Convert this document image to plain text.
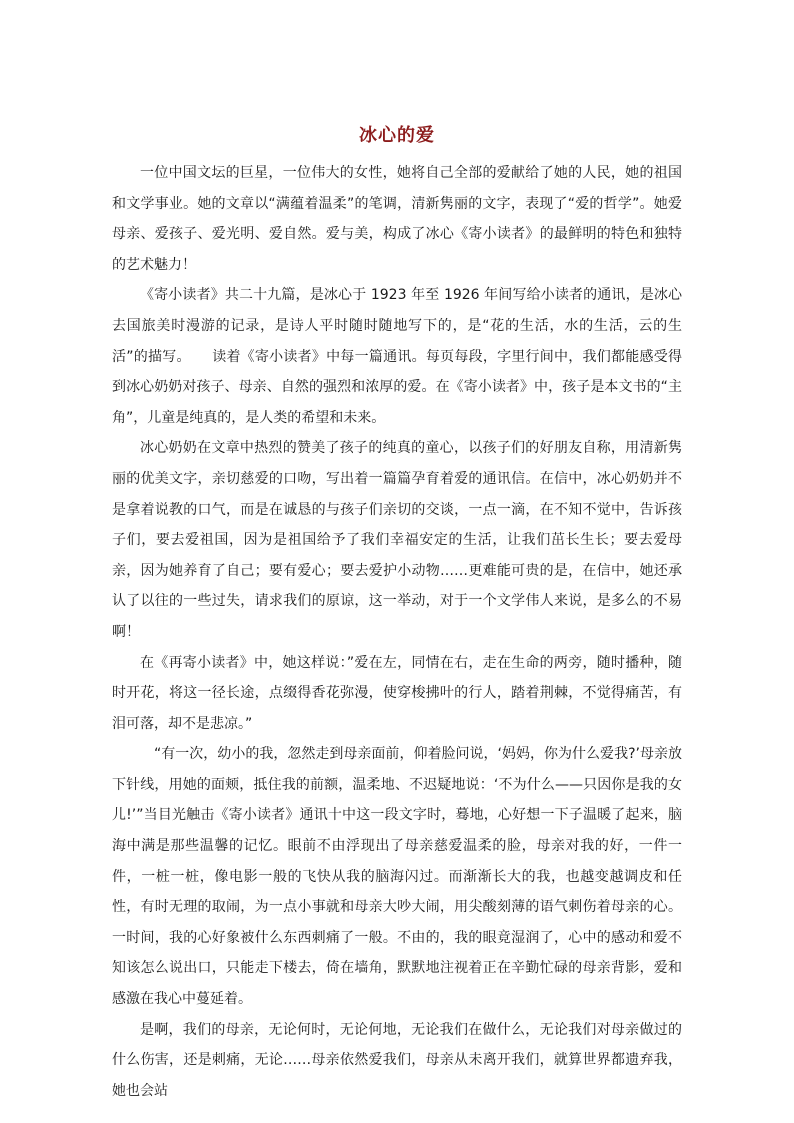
冰心的爱

一位中国文坛的巨星，一位伟大的女性，她将自己全部的爱献给了她的人民，她的祖国和文学事业。她的文章以“满蕴着温柔”的笔调，清新隽丽的文字，表现了“爱的哲学”。她爱母亲、爱孩子、爱光明、爱自然。爱与美，构成了冰心《寄小读者》的最鲜明的特色和独特的艺术魅力！

《寄小读者》共二十九篇，是冰心于 1923 年至 1926 年间写给小读者的通讯，是冰心去国旅美时漫游的记录，是诗人平时随时随地写下的，是“花的生活，水的生活，云的生活”的描写。　　读着《寄小读者》中每一篇通讯。每页每段，字里行间中，我们都能感受得到冰心奶奶对孩子、母亲、自然的强烈和浓厚的爱。在《寄小读者》中，孩子是本文书的“主角”，儿童是纯真的，是人类的希望和未来。

冰心奶奶在文章中热烈的赞美了孩子的纯真的童心，以孩子们的好朋友自称，用清新隽丽的优美文字，亲切慈爱的口吻，写出着一篇篇孕育着爱的通讯信。在信中，冰心奶奶并不是拿着说教的口气，而是在诚恳的与孩子们亲切的交谈，一点一滴，在不知不觉中，告诉孩子们，要去爱祖国，因为是祖国给予了我们幸福安定的生活，让我们茁长生长；要去爱母亲，因为她养育了自己；要有爱心；要去爱护小动物……更难能可贵的是，在信中，她还承认了以往的一些过失，请求我们的原谅，这一举动，对于一个文学伟人来说，是多么的不易啊！

在《再寄小读者》中，她这样说：”爱在左，同情在右，走在生命的两旁，随时播种，随时开花，将这一径长途，点缀得香花弥漫，使穿梭拂叶的行人，踏着荆棘，不觉得痛苦，有泪可落，却不是悲凉。”

“有一次，幼小的我，忽然走到母亲面前，仰着脸问说，‘妈妈，你为什么爱我?’母亲放下针线，用她的面颊，抵住我的前额，温柔地、不迟疑地说：‘不为什么——只因你是我的女儿!’”当目光触击《寄小读者》通讯十中这一段文字时，蓦地，心好想一下子温暖了起来，脑海中满是那些温馨的记忆。眼前不由浮现出了母亲慈爱温柔的脸，母亲对我的好，一件一件，一桩一桩，像电影一般的飞快从我的脑海闪过。而渐渐长大的我，也越变越调皮和任性，有时无理的取闹，为一点小事就和母亲大吵大闹，用尖酸刻薄的语气刺伤着母亲的心。一时间，我的心好象被什么东西刺痛了一般。不由的，我的眼竟湿润了，心中的感动和爱不知该怎么说出口，只能走下楼去，倚在墙角，默默地注视着正在辛勤忙碌的母亲背影，爱和感激在我心中蔓延着。

是啊，我们的母亲，无论何时，无论何地，无论我们在做什么，无论我们对母亲做过的什么伤害，还是刺痛，无论……母亲依然爱我们，母亲从未离开我们，就算世界都遗弃我，她也会站
